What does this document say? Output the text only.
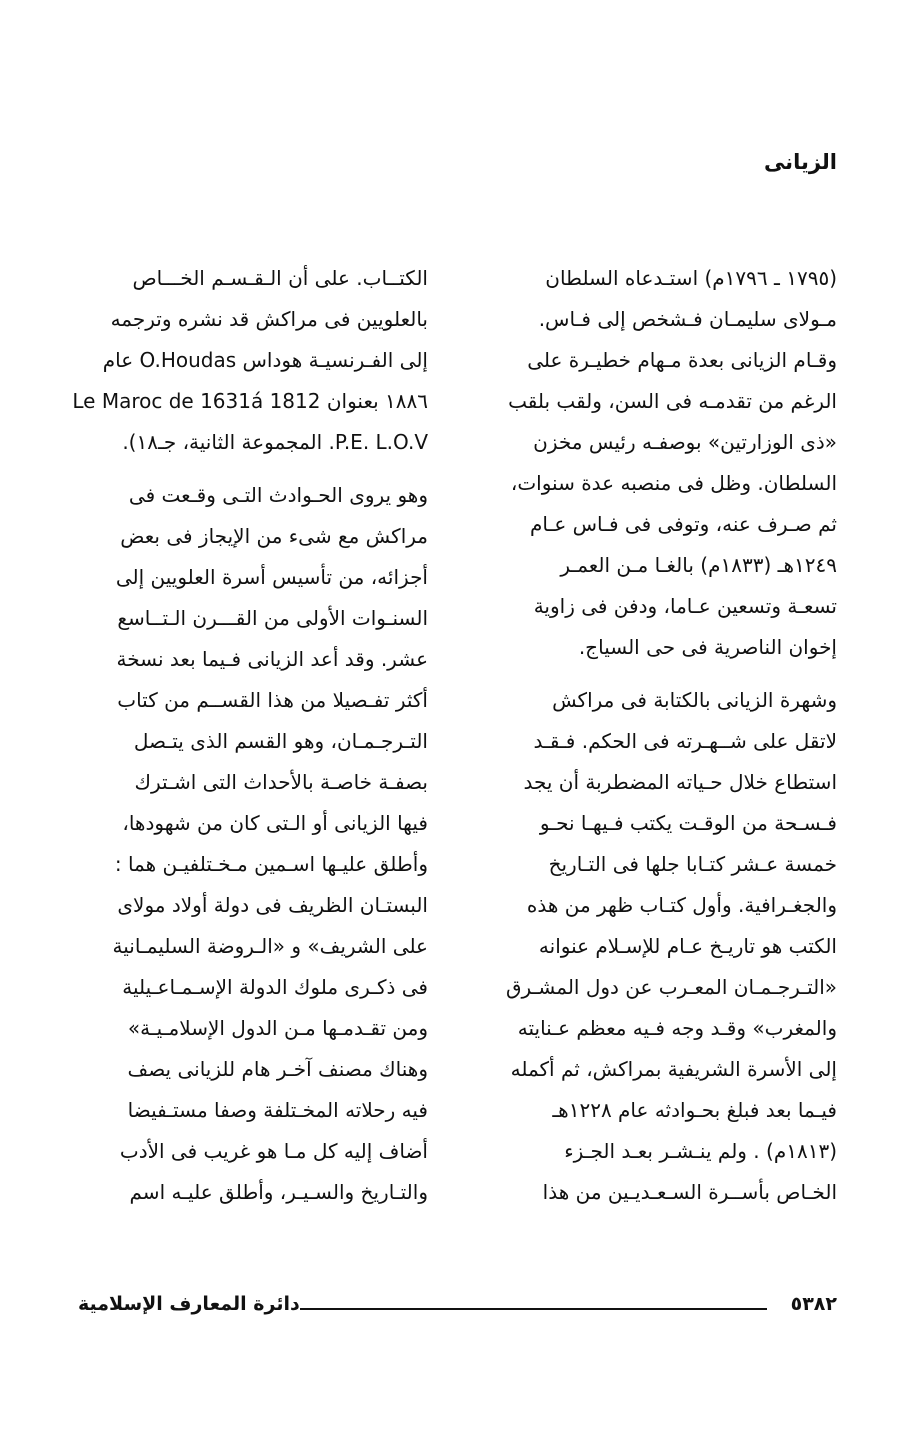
الزيانى
(١٧٩٥ ـ ١٧٩٦م) استـدعاه السلطان
مـولاى سليمـان فـشخص إلى فـاس.
وقـام الزيانى بعدة مـهام خطيـرة على
الرغم من تقدمـه فى السن، ولقب بلقب
«ذى الوزارتين» بوصفـه رئيس مخزن
السلطان. وظل فى منصبه عدة سنوات،
ثم صـرف عنه، وتوفى فى فـاس عـام
١٢٤٩هـ (١٨٣٣م) بالغـا مـن العمـر
تسعـة وتسعين عـاما، ودفن فى زاوية
إخوان الناصرية فى حى السياج.
وشهرة الزيانى بالكتابة فى مراكش
لاتقل على شــهـرته فى الحكم. فـقـد
استطاع خلال حـياته المضطربة أن يجد
فـسـحة من الوقـت يكتب فـيهـا نحـو
خمسة عـشر كتـابا جلها فى التـاريخ
والجغـرافية. وأول كتـاب ظهر من هذه
الكتب هو تاريـخ عـام للإسـلام عنوانه
«التـرجـمـان المعـرب عن دول المشـرق
والمغرب» وقـد وجه فـيه معظم عـنايته
إلى الأسرة الشريفية بمراكش، ثم أكمله
فيـما بعد فبلغ بحـوادثه عام ١٢٢٨هـ
(١٨١٣م) . ولم ينـشـر بعـد الجـزء
الخـاص بأســرة السـعـديـين من هذا
الكتــاب. على أن الـقـسـم الخـــاص
بالعلويين فى مراكش قد نشره وترجمه
إلى الفـرنسيـة هوداس O.Houdas عام
١٨٨٦ بعنوان Le Maroc de 1631á 1812
P.E. L.O.V. المجموعة الثانية، جـ١٨).
وهو يروى الحـوادث التـى وقـعت فى
مراكش مع شىء من الإيجاز فى بعض
أجزائه، من تأسيس أسرة العلويين إلى
السنـوات الأولى من القـــرن الـتــاسع
عشر. وقد أعد الزيانى فـيما بعد نسخة
أكثر تفـصيلا من هذا القســم من كتاب
التـرجـمـان، وهو القسم الذى يتـصل
بصفـة خاصـة بالأحداث التى اشـترك
فيها الزيانى أو الـتى كان من شهودها،
وأطلق عليـها اسـمين مـخـتلفيـن هما :
البستـان الظريف فى دولة أولاد مولاى
على الشريف» و «الـروضة السليمـانية
فى ذكـرى ملوك الدولة الإسـمـاعـيلية
ومن تقـدمـها مـن الدول الإسلامـيـة»
وهناك مصنف آخـر هام للزيانى يصف
فيه رحلاته المخـتلفة وصفا مستـفيضا
أضاف إليه كل مـا هو غريب فى الأدب
والتـاريخ والسـيـر، وأطلق عليـه اسم
٥٣٨٢
دائرة المعارف الإسلامية
